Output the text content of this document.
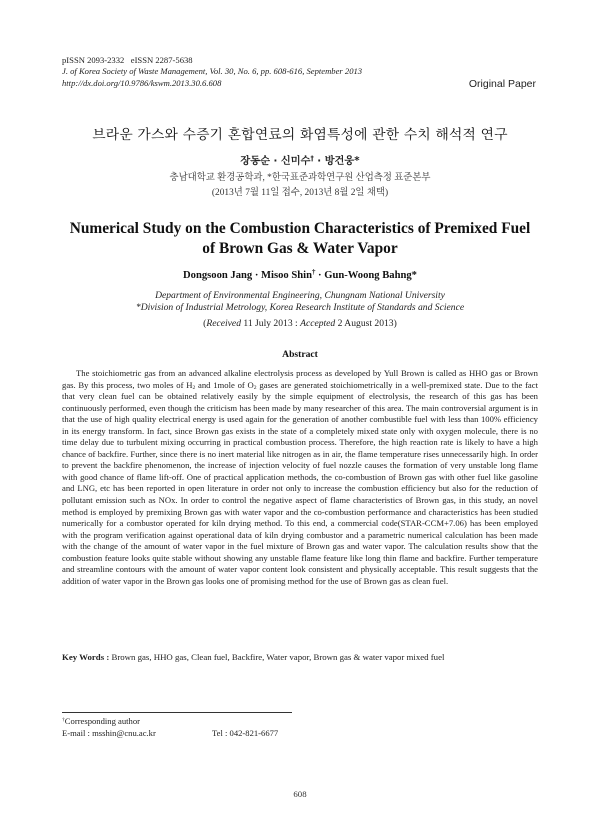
pISSN 2093-2332   eISSN 2287-5638
J. of Korea Society of Waste Management, Vol. 30, No. 6, pp. 608-616, September 2013
http://dx.doi.org/10.9786/kswm.2013.30.6.608	Original Paper
브라운 가스와 수증기 혼합연료의 화염특성에 관한 수치 해석적 연구
장동순 · 신미수† · 방건웅*
충남대학교 환경공학과, *한국표준과학연구원 산업측정 표준본부
(2013년 7월 11일 접수, 2013년 8월 2일 채택)
Numerical Study on the Combustion Characteristics of Premixed Fuel
of Brown Gas & Water Vapor
Dongsoon Jang · Misoo Shin† · Gun-Woong Bahng*
Department of Environmental Engineering, Chungnam National University
*Division of Industrial Metrology, Korea Research Institute of Standards and Science
(Received 11 July 2013 : Accepted 2 August 2013)
Abstract

The stoichiometric gas from an advanced alkaline electrolysis process as developed by Yull Brown is called as HHO gas or Brown gas. By this process, two moles of $H_2$ and 1mole of $O_2$ gases are generated stoichiometrically in a well-premixed state. Due to the fact that very clean fuel can be obtained relatively easily by the simple equipment of electrolysis, the research of this gas has been continuously performed, even though the criticism has been made by many researcher of this area. The main controversial argument is in that the use of high quality electrical energy is used again for the generation of another combustible fuel with less than 100% efficiency in its energy transform. In fact, since Brown gas exists in the state of a completely mixed state only with oxygen molecule, there is no time delay due to turbulent mixing occurring in practical combustion process. Therefore, the high reaction rate is likely to have a high chance of backfire. Further, since there is no inert material like nitrogen as in air, the flame temperature rises unnecessarily high. In order to prevent the backfire phenomenon, the increase of injection velocity of fuel nozzle causes the formation of very unstable long flame with good chance of flame lift-off. One of practical application methods, the co-combustion of Brown gas with other fuel like gasoline and LNG, etc has been reported in open literature in order not only to increase the combustion efficiency but also for the reduction of pollutant emission such as NOx. In order to control the negative aspect of flame characteristics of Brown gas, in this study, an novel method is employed by premixing Brown gas with water vapor and the co-combustion performance and characteristics has been studied numerically for a combustor operated for kiln drying method. To this end, a commercial code(STAR-CCM+7.06) has been employed with the program verification against operational data of kiln drying combustor and a parametric numerical calculation has been made with the change of the amount of water vapor in the fuel mixture of Brown gas and water vapor. The calculation results show that the combustion feature looks quite stable without showing any unstable flame feature like long thin flame and backfire. Further temperature and streamline contours with the amount of water vapor content look consistent and physically acceptable. This result suggests that the addition of water vapor in the Brown gas looks one of promising method for the use of Brown gas as clean fuel.

Key Words : Brown gas, HHO gas, Clean fuel, Backfire, Water vapor, Brown gas & water vapor mixed fuel
†Corresponding author
E-mail : msshin@cnu.ac.kr	Tel : 042-821-6677
608
